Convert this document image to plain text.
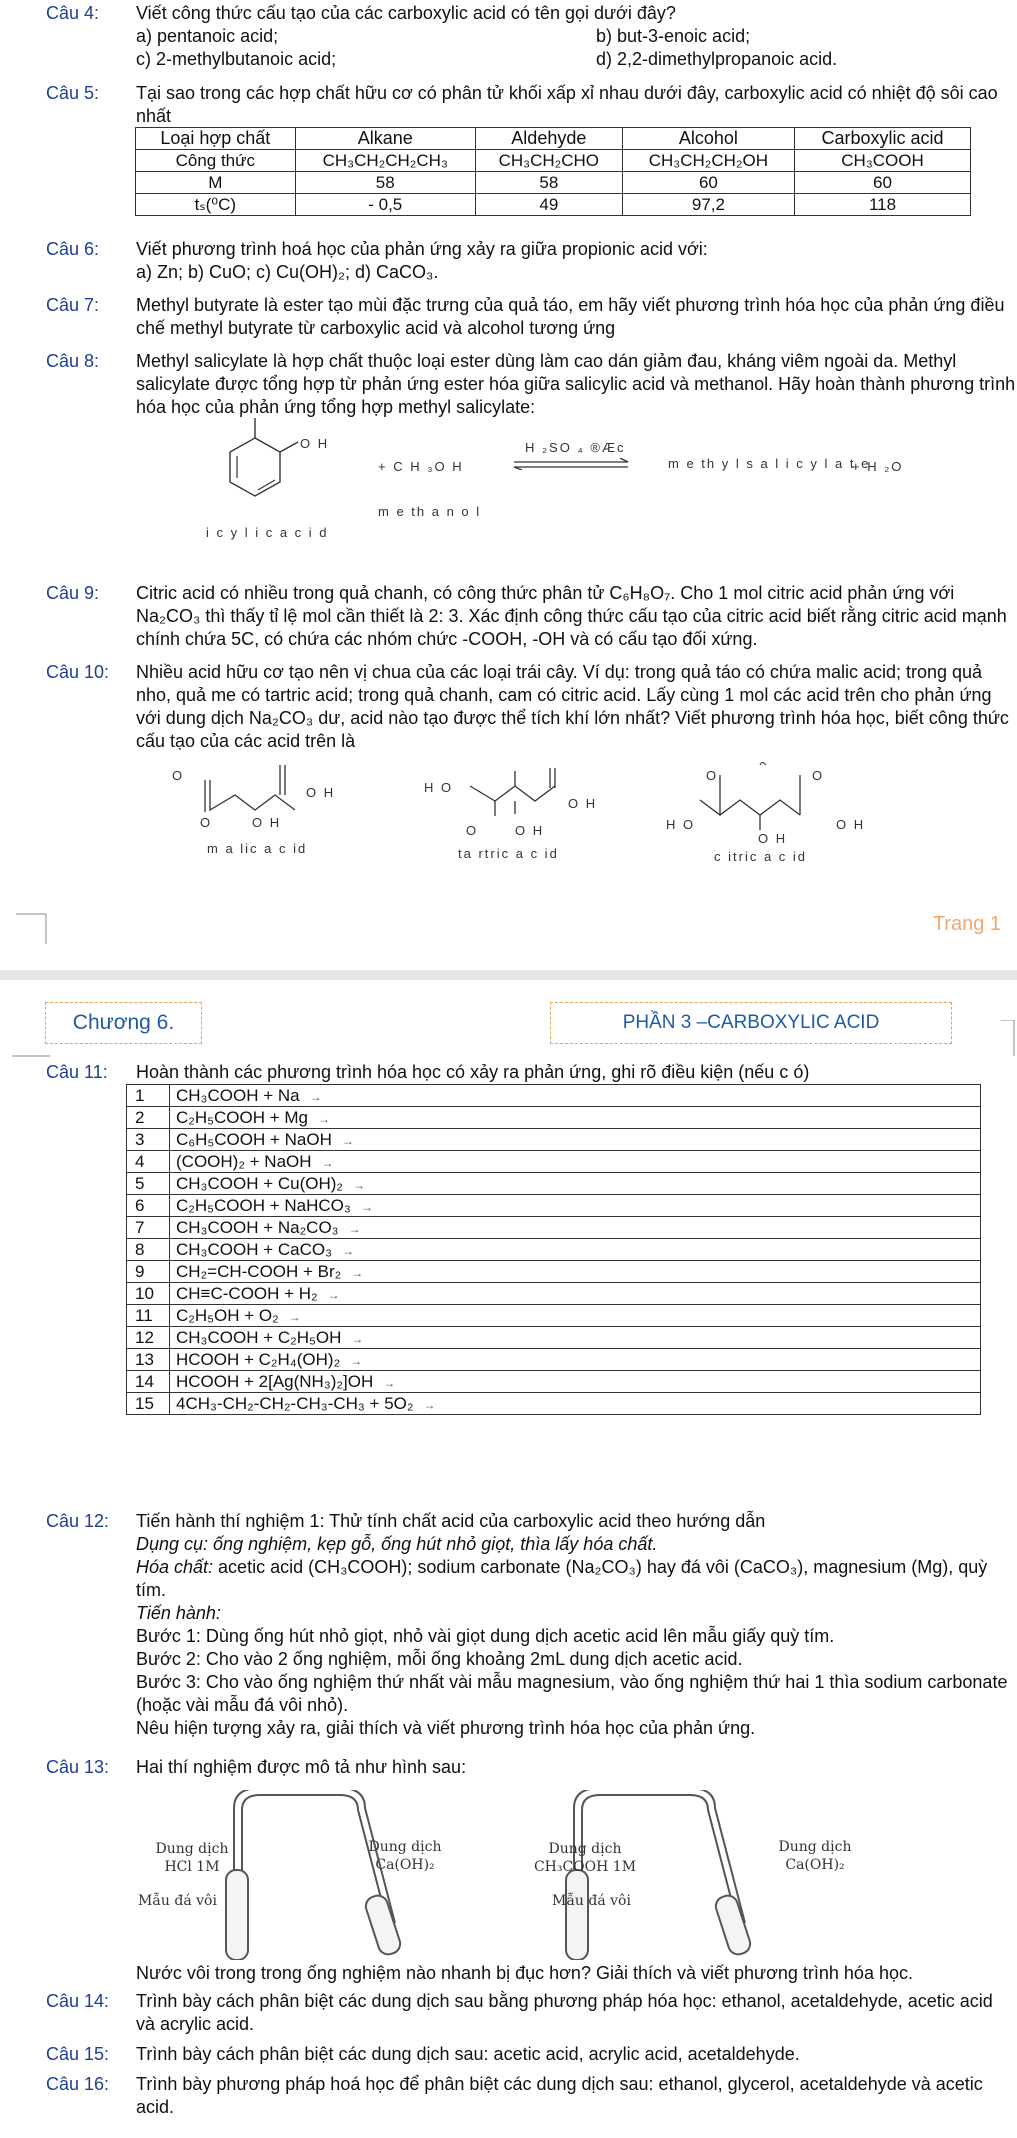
Câu 4:	Viết công thức cấu tạo của các carboxylic acid có tên gọi dưới đây?
a) pentanoic acid;	b) but-3-enoic acid;
c) 2-methylbutanoic acid;	d) 2,2-dimethylpropanoic acid.
Câu 5:	Tại sao trong các hợp chất hữu cơ có phân tử khối xấp xỉ nhau dưới đây, carboxylic acid có nhiệt độ sôi cao nhất
Loại hợp chất	Alkane	Aldehyde	Alcohol	Carboxylic acid
Công thức	CH₃CH₂CH₂CH₃	CH₃CH₂CHO	CH₃CH₂CH₂OH	CH₃COOH
M	58	58	60	60
tₛ(⁰C)	- 0,5	49	97,2	118
Câu 6:	Viết phương trình hoá học của phản ứng xảy ra giữa propionic acid với:
a) Zn; b) CuO; c) Cu(OH)₂; d) CaCO₃.
Câu 7:	Methyl butyrate là ester tạo mùi đặc trưng của quả táo, em hãy viết phương trình hóa học của phản ứng điều chế methyl butyrate từ carboxylic acid và alcohol tương ứng
Câu 8:	Methyl salicylate là hợp chất thuộc loại ester dùng làm cao dán giảm đau, kháng viêm ngoài da. Methyl salicylate được tổng hợp từ phản ứng ester hóa giữa salicylic acid và methanol. Hãy hoàn thành phương trình hóa học của phản ứng tổng hợp methyl salicylate:
O H
+ C H ₃O H
H ₂SO ₄ ®Æc
m e th y l s a l i c y l a t e
+ H ₂O
m e th a n o l
i c y l i c a c i d
Câu 9:	Citric acid có nhiều trong quả chanh, có công thức phân tử C₆H₈O₇. Cho 1 mol citric acid phản ứng với Na₂CO₃ thì thấy tỉ lệ mol cần thiết là 2: 3. Xác định công thức cấu tạo của citric acid biết rằng citric acid mạnh chính chứa 5C, có chứa các nhóm chức -COOH, -OH và có cấu tạo đối xứng.
Câu 10:	Nhiều acid hữu cơ tạo nên vị chua của các loại trái cây. Ví dụ: trong quả táo có chứa malic acid; trong quả nho, quả me có tartric acid; trong quả chanh, cam có citric acid. Lấy cùng 1 mol các acid trên cho phản ứng với dung dịch Na₂CO₃ dư, acid nào tạo được thể tích khí lớn nhất? Viết phương trình hóa học, biết công thức cấu tạo của các acid trên là
O
O H
O	O H
m a lic a c id
H O
O H
O	O H
ta rtric a c id
O	O
H O	O H
O H
c itric a c id
Trang 1
Chương 6.	PHẦN 3 –CARBOXYLIC ACID
Câu 11:	Hoàn thành các phương trình hóa học có xảy ra phản ứng, ghi rõ điều kiện (nếu c ó)
1	CH₃COOH + Na →
2	C₂H₅COOH + Mg →
3	C₆H₅COOH + NaOH →
4	(COOH)₂ + NaOH →
5	CH₃COOH + Cu(OH)₂ →
6	C₂H₅COOH + NaHCO₃ →
7	CH₃COOH + Na₂CO₃ →
8	CH₃COOH + CaCO₃ →
9	CH₂=CH-COOH + Br₂ →
10	CH≡C-COOH + H₂ →
11	C₂H₅OH + O₂ →
12	CH₃COOH + C₂H₅OH →
13	HCOOH + C₂H₄(OH)₂ →
14	HCOOH + 2[Ag(NH₃)₂]OH →
15	4CH₃-CH₂-CH₂-CH₃-CH₃ + 5O₂ →
Câu 12:	Tiến hành thí nghiệm 1: Thử tính chất acid của carboxylic acid theo hướng dẫn
Dụng cụ: ống nghiệm, kẹp gỗ, ống hút nhỏ giọt, thìa lấy hóa chất.
Hóa chất: acetic acid (CH₃COOH); sodium carbonate (Na₂CO₃) hay đá vôi (CaCO₃), magnesium (Mg), quỳ tím.
Tiến hành:
Bước 1: Dùng ống hút nhỏ giọt, nhỏ vài giọt dung dịch acetic acid lên mẫu giấy quỳ tím.
Bước 2: Cho vào 2 ống nghiệm, mỗi ống khoảng 2mL dung dịch acetic acid.
Bước 3: Cho vào ống nghiệm thứ nhất vài mẫu magnesium, vào ống nghiệm thứ hai 1 thìa sodium carbonate (hoặc vài mẫu đá vôi nhỏ).
Nêu hiện tượng xảy ra, giải thích và viết phương trình hóa học của phản ứng.
Câu 13:	Hai thí nghiệm được mô tả như hình sau:
Dung dịch
HCl 1M
Dung dịch
Ca(OH)₂
Mẫu đá vôi
Dung dịch
CH₃COOH 1M
Dung dịch
Ca(OH)₂
Mẫu đá vôi
Nước vôi trong trong ống nghiệm nào nhanh bị đục hơn? Giải thích và viết phương trình hóa học.
Câu 14:	Trình bày cách phân biệt các dung dịch sau bằng phương pháp hóa học: ethanol, acetaldehyde, acetic acid và acrylic acid.
Câu 15:	Trình bày cách phân biệt các dung dịch sau: acetic acid, acrylic acid, acetaldehyde.
Câu 16:	Trình bày phương pháp hoá học để phân biệt các dung dịch sau: ethanol, glycerol, acetaldehyde và acetic acid.
